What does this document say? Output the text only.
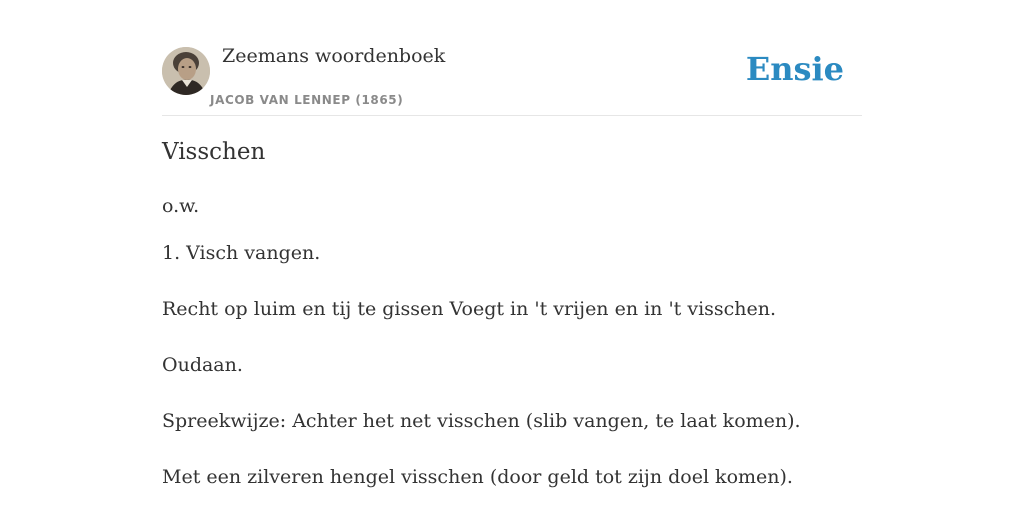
Zeemans woordenboek
JACOB VAN LENNEP (1865)
Ensie
Visschen

o.w.

1. Visch vangen.

Recht op luim en tij te gissen Voegt in 't vrijen en in 't visschen.

Oudaan.

Spreekwijze: Achter het net visschen (slib vangen, te laat komen).

Met een zilveren hengel visschen (door geld tot zijn doel komen).
